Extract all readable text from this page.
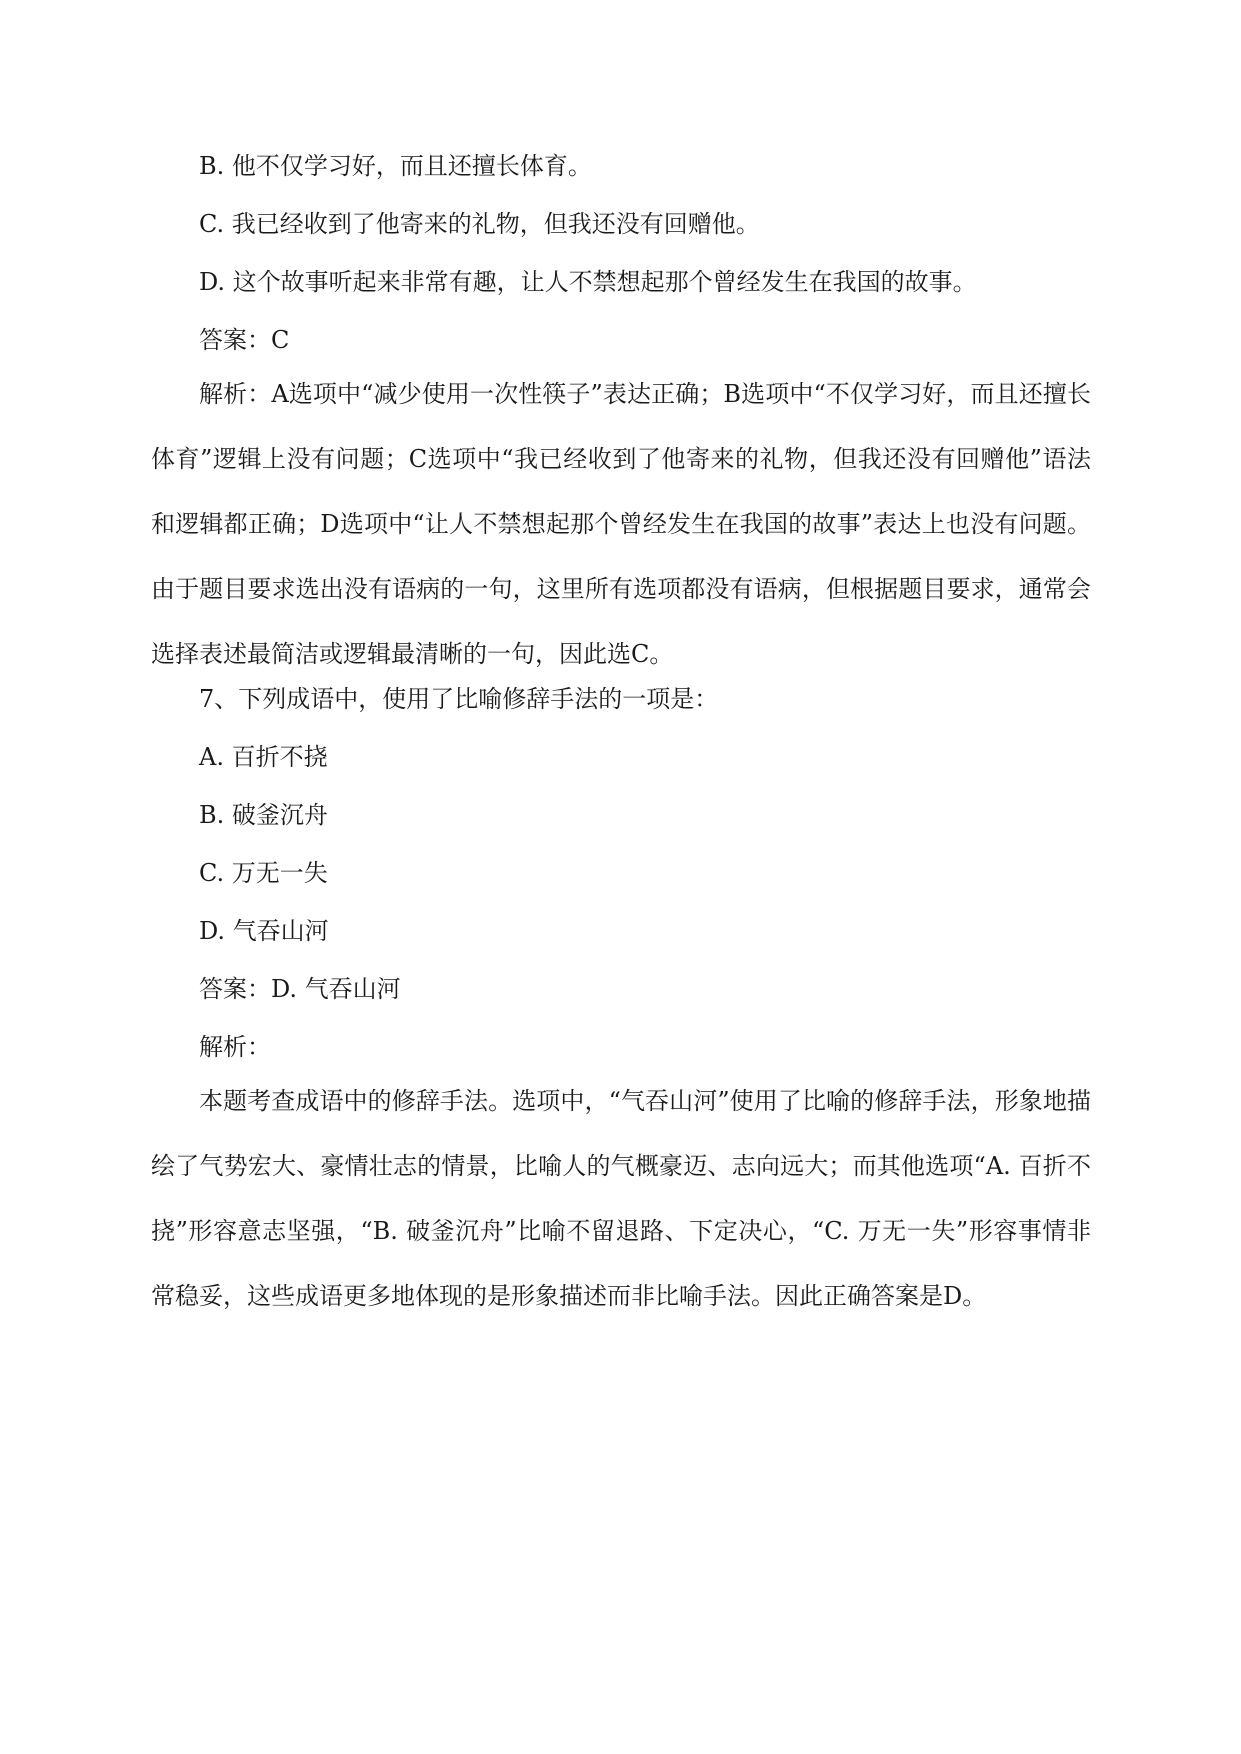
B. 他不仅学习好，而且还擅长体育。
C. 我已经收到了他寄来的礼物，但我还没有回赠他。
D. 这个故事听起来非常有趣，让人不禁想起那个曾经发生在我国的故事。
答案：C
解析：A选项中“减少使用一次性筷子”表达正确；B选项中“不仅学习好，而且还擅长体育”逻辑上没有问题；C选项中“我已经收到了他寄来的礼物，但我还没有回赠他”语法和逻辑都正确；D选项中“让人不禁想起那个曾经发生在我国的故事”表达上也没有问题。由于题目要求选出没有语病的一句，这里所有选项都没有语病，但根据题目要求，通常会选择表述最简洁或逻辑最清晰的一句，因此选C。
7、下列成语中，使用了比喻修辞手法的一项是：
A. 百折不挠
B. 破釜沉舟
C. 万无一失
D. 气吞山河
答案：D. 气吞山河
解析：
本题考查成语中的修辞手法。选项中，“气吞山河”使用了比喻的修辞手法，形象地描绘了气势宏大、豪情壮志的情景，比喻人的气概豪迈、志向远大；而其他选项“A. 百折不挠”形容意志坚强，“B. 破釜沉舟”比喻不留退路、下定决心，“C. 万无一失”形容事情非常稳妥，这些成语更多地体现的是形象描述而非比喻手法。因此正确答案是D。
